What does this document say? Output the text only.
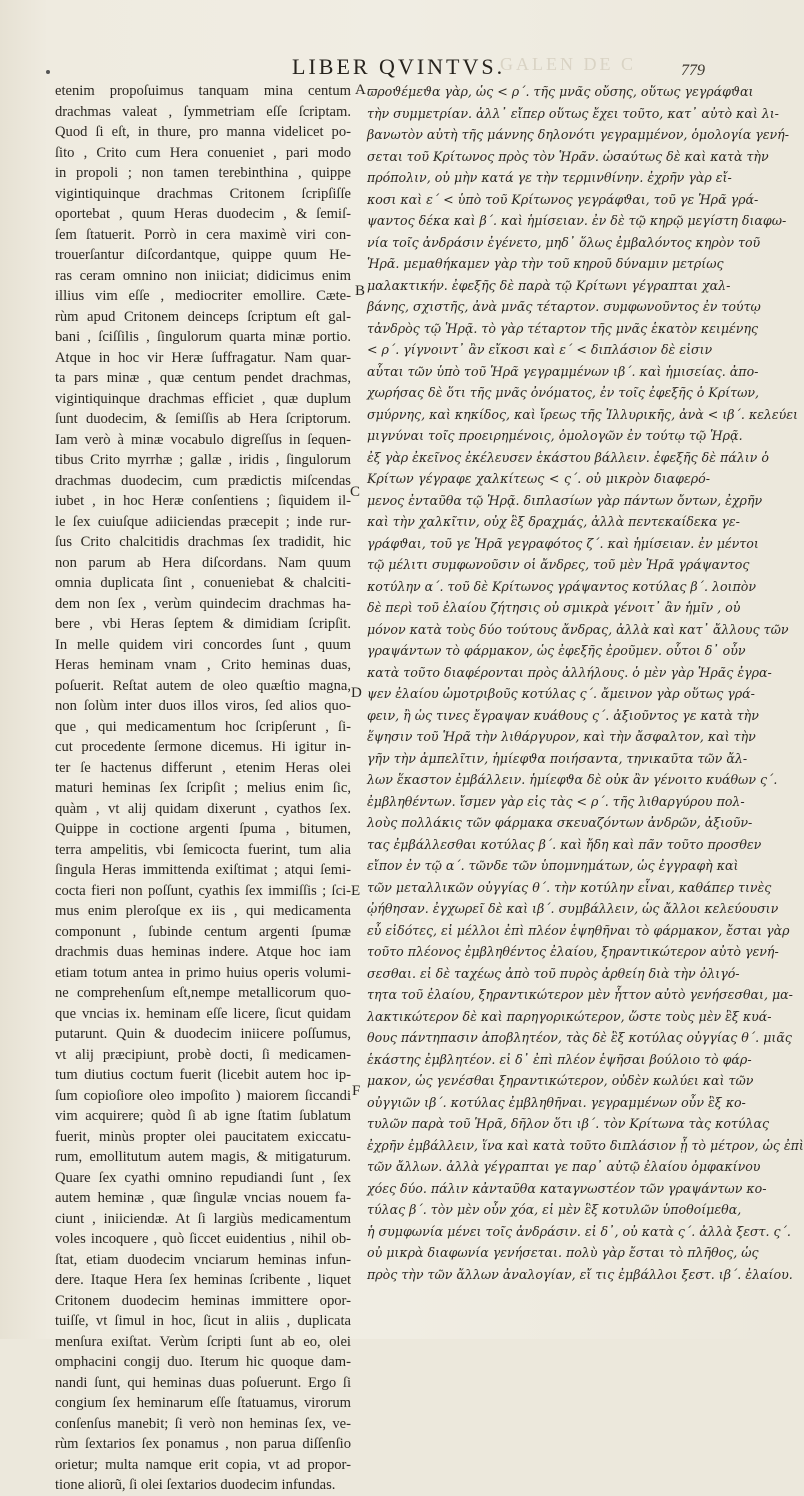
LIBER QVINTVS.
GALEN DE C	779
etenim propoſuimus tanquam mina centum
drachmas valeat , ſymmetriam eſſe ſcriptam.
Quod ſi eſt, in thure, pro manna videlicet po-
ſito , Crito cum Hera conueniet , pari modo
in propoli ; non tamen terebinthina , quippe
vigintiquinque drachmas Critonem ſcripſiſſe
oportebat , quum Heras duodecim , & ſemiſ-
ſem ſtatuerit. Porrò in cera maximè viri con-
trouerſantur diſcordantque, quippe quum He-
ras ceram omnino non iniiciat; didicimus enim
illius vim eſſe , mediocriter emollire. Cæte-
rùm apud Critonem deinceps ſcriptum eſt gal-
bani , ſciſſilis , ſingulorum quarta minæ portio.
Atque in hoc vir Heræ ſuffragatur. Nam quar-
ta pars minæ , quæ centum pendet drachmas,
vigintiquinque drachmas efficiet , quæ duplum
ſunt duodecim, & ſemiſſis ab Hera ſcriptorum.
Iam verò à minæ vocabulo digreſſus in ſequen-
tibus Crito myrrhæ ; gallæ , iridis , ſingulorum
drachmas duodecim, cum prædictis miſcendas
iubet , in hoc Heræ conſentiens ; ſiquidem il-
le ſex cuiuſque adiiciendas præcepit ; inde rur-
ſus Crito chalcitidis drachmas ſex tradidit, hic
non parum ab Hera diſcordans. Nam quum
omnia duplicata ſint , conueniebat & chalciti-
dem non ſex , verùm quindecim drachmas ha-
bere , vbi Heras ſeptem & dimidiam ſcripſit.
In melle quidem viri concordes ſunt , quum
Heras heminam vnam , Crito heminas duas,
poſuerit. Reſtat autem de oleo quæſtio magna,
non ſolùm inter duos illos viros, ſed alios quo-
que , qui medicamentum hoc ſcripſerunt , ſi-
cut procedente ſermone dicemus. Hi igitur in-
ter ſe hactenus differunt , etenim Heras olei
maturi heminas ſex ſcripſit ; melius enim ſic,
quàm , vt alij quidam dixerunt , cyathos ſex.
Quippe in coctione argenti ſpuma , bitumen,
terra ampelitis, vbi ſemicocta fuerint, tum alia
ſingula Heras immittenda exiſtimat ; atqui ſemi-
cocta fieri non poſſunt, cyathis ſex immiſſis ; ſci-
mus enim pleroſque ex iis , qui medicamenta
componunt , ſubinde centum argenti ſpumæ
drachmis duas heminas indere. Atque hoc iam
etiam totum antea in primo huius operis volumi-
ne comprehenſum eſt,nempe metallicorum quo-
que vncias ix. heminam eſſe licere, ſicut quidam
putarunt. Quin & duodecim iniicere poſſumus,
vt alij præcipiunt, probè docti, ſi medicamen-
tum diutius coctum fuerit (licebit autem hoc ip-
ſum copioſiore oleo impoſito ) maiorem ſiccandi
vim acquirere; quòd ſi ab igne ſtatim ſublatum
fuerit, minùs propter olei paucitatem exiccatu-
rum, emollitutum autem magis, & mitigaturum.
Quare ſex cyathi omnino repudiandi ſunt , ſex
autem heminæ , quæ ſingulæ vncias nouem fa-
ciunt , iniiciendæ. At ſi largiùs medicamentum
voles incoquere , quò ſiccet euidentius , nihil ob-
ſtat, etiam duodecim vnciarum heminas infun-
dere. Itaque Hera ſex heminas ſcribente , liquet
Critonem duodecim heminas immittere opor-
tuiſſe, vt ſimul in hoc, ſicut in aliis , duplicata
menſura exiſtat. Verùm ſcripti ſunt ab eo, olei
omphacini congij duo. Iterum hic quoque dam-
nandi ſunt, qui heminas duas poſuerunt. Ergo ſi
congium ſex heminarum eſſe ſtatuamus, virorum
conſenſus manebit; ſi verò non heminas ſex, ve-
rùm ſextarios ſex ponamus , non parua diſſenſio
orietur; multa namque erit copia, vt ad propor-
tione aliorũ, ſi olei ſextarios duodecim infundas.
ϖροϑέμεϑα γὰρ, ὡς < ρ΄. τῆς μνᾶς οὔσης, οὕτως γεγράφϑαι
τὴν συμμετρίαν. ἀλλ᾽ εἴπερ οὕτως ἔχει τοῦτο, κατ᾽ αὐτὸ καὶ λι-
βανωτὸν αὐτὴ τῆς μάννης δηλονότι γεγραμμένον, ὁμολογία γενή-
σεται τοῦ Κρίτωνος πρὸς τὸν Ἡρᾶν. ὡσαύτως δὲ καὶ κατὰ τὴν
πρόπολιν, οὐ μὴν κατά γε τὴν τερμινθίνην. ἐχρῆν γὰρ εἴ-
κοσι καὶ ε΄ < ὑπὸ τοῦ Κρίτωνος γεγράφϑαι, τοῦ γε Ἡρᾶ γρά-
ψαντος δέκα καὶ β΄. καὶ ἡμίσειαν. ἐν δὲ τῷ κηρῷ μεγίστη διαφω-
νία τοῖς ἀνδράσιν ἐγένετο, μηδ᾽ ὅλως ἐμβαλόντος κηρὸν τοῦ
Ἡρᾶ. μεμαθήκαμεν γὰρ τὴν τοῦ κηροῦ δύναμιν μετρίως
μαλακτικήν. ἐφεξῆς δὲ παρὰ τῷ Κρίτωνι γέγραπται χαλ-
βάνης, σχιστῆς, ἀνὰ μνᾶς τέταρτον. συμφωνοῦντος ἐν τούτῳ
τἀνδρὸς τῷ Ἡρᾷ. τὸ γὰρ τέταρτον τῆς μνᾶς ἑκατὸν κειμένης
< ρ΄. γίγνοιντ᾽ ἂν εἴκοσι καὶ ε΄ < διπλάσιον δὲ εἰσιν
αὗται τῶν ὑπὸ τοῦ Ἡρᾶ γεγραμμένων ιβ΄. καὶ ἡμισείας. ἀπο-
χωρήσας δὲ ὅτι τῆς μνᾶς ὀνόματος, ἐν τοῖς ἐφεξῆς ὁ Κρίτων,
σμύρνης, καὶ κηκίδος, καὶ ἴρεως τῆς Ἰλλυρικῆς, ἀνὰ < ιβ΄. κελεύει
μιγνύναι τοῖς προειρημένοις, ὁμολογῶν ἐν τούτῳ τῷ Ἡρᾷ.
ἐξ γὰρ ἐκεῖνος ἐκέλευσεν ἑκάστου βάλλειν. ἐφεξῆς δὲ πάλιν ὁ
Κρίτων γέγραφε χαλκίτεως < ς΄. οὐ μικρὸν διαφερό-
μενος ἐνταῦθα τῷ Ἡρᾷ. διπλασίων γὰρ πάντων ὄντων, ἐχρῆν
καὶ τὴν χαλκῖτιν, οὐχ ἓξ δραχμάς, ἀλλὰ πεντεκαίδεκα γε-
γράφϑαι, τοῦ γε Ἡρᾶ γεγραφότος ζ΄. καὶ ἡμίσειαν. ἐν μέντοι
τῷ μέλιτι συμφωνοῦσιν οἱ ἄνδρες, τοῦ μὲν Ἡρᾶ γράψαντος
κοτύλην α΄. τοῦ δὲ Κρίτωνος γράψαντος κοτύλας β΄. λοιπὸν
δὲ περὶ τοῦ ἐλαίου ζήτησις οὐ σμικρὰ γένοιτ᾽ ἂν ἡμῖν , οὐ
μόνον κατὰ τοὺς δύο τούτους ἄνδρας, ἀλλὰ καὶ κατ᾽ ἄλλους τῶν
γραψάντων τὸ φάρμακον, ὡς ἐφεξῆς ἐροῦμεν. οὗτοι δ᾽ οὖν
κατὰ τοῦτο διαφέρονται πρὸς ἀλλήλους. ὁ μὲν γὰρ Ἡρᾶς ἐγρα-
ψεν ἐλαίου ὠμοτριβοῦς κοτύλας ς΄. ἄμεινον γὰρ οὕτως γρά-
φειν, ἢ ὡς τινες ἔγραψαν κυάθους ς΄. ἀξιοῦντος γε κατὰ τὴν
ἕψησιν τοῦ Ἡρᾶ τὴν λιθάργυρον, καὶ τὴν ἄσφαλτον, καὶ τὴν
γῆν τὴν ἀμπελῖτιν, ἡμίεφϑα ποιήσαντα, τηνικαῦτα τῶν ἄλ-
λων ἕκαστον ἐμβάλλειν. ἡμίεφϑα δὲ οὐκ ἂν γένοιτο κυάθων ς΄.
ἐμβληθέντων. ἴσμεν γὰρ εἰς τὰς < ρ΄. τῆς λιθαργύρου πολ-
λοὺς πολλάκις τῶν φάρμακα σκευαζόντων ἀνδρῶν, ἀξιοῦν-
τας ἐμβάλλεσθαι κοτύλας β΄. καὶ ἤδη καὶ πᾶν τοῦτο προσθεν
εἴπον ἐν τῷ α΄. τῶνδε τῶν ὑπομνημάτων, ὡς ἐγγραφὴ καὶ
τῶν μεταλλικῶν οὐγγίας θ΄. τὴν κοτύλην εἶναι, καθάπερ τινὲς
ᾠήθησαν. ἐγχωρεῖ δὲ καὶ ιβ΄. συμβάλλειν, ὡς ἄλλοι κελεύουσιν
εὖ εἰδότες, εἰ μέλλοι ἐπὶ πλέον ἑψηθῆναι τὸ φάρμακον, ἔσται γὰρ
τοῦτο πλέονος ἐμβληθέντος ἐλαίου, ξηραντικώτερον αὐτὸ γενή-
σεσθαι. εἰ δὲ ταχέως ἀπὸ τοῦ πυρὸς ἀρθείη διὰ τὴν ὀλιγό-
τητα τοῦ ἐλαίου, ξηραντικώτερον μὲν ἧττον αὐτὸ γενήσεσθαι, μα-
λακτικώτερον δὲ καὶ παρηγορικώτερον, ὥστε τοὺς μὲν ἓξ κυά-
θους πάντηπασιν ἀποβλητέον, τὰς δὲ ἓξ κοτύλας οὐγγίας θ΄. μιᾶς
ἑκάστης ἐμβλητέον. εἰ δ᾽ ἐπὶ πλέον ἑψῆσαι βούλοιο τὸ φάρ-
μακον, ὡς γενέσθαι ξηραντικώτερον, οὐδὲν κωλύει καὶ τῶν
οὐγγιῶν ιβ΄. κοτύλας ἐμβληθῆναι. γεγραμμένων οὖν ἓξ κο-
τυλῶν παρὰ τοῦ Ἡρᾶ, δῆλον ὅτι ιβ΄. τὸν Κρίτωνα τὰς κοτύλας
ἐχρῆν ἐμβάλλειν, ἵνα καὶ κατὰ τοῦτο διπλάσιον ᾖ τὸ μέτρον, ὡς ἐπὶ
τῶν ἄλλων. ἀλλὰ γέγραπται γε παρ᾽ αὐτῷ ἐλαίου ὀμφακίνου
χόες δύο. πάλιν κἀνταῦθα καταγνωστέον τῶν γραψάντων κο-
τύλας β΄. τὸν μὲν οὖν χόα, εἰ μὲν ἓξ κοτυλῶν ὑποθοίμεθα,
ἡ συμφωνία μένει τοῖς ἀνδράσιν. εἰ δ᾽, οὐ κατὰ ς΄. ἀλλὰ ξεστ. ς΄.
οὐ μικρὰ διαφωνία γενήσεται. πολὺ γὰρ ἔσται τὸ πλῆθος, ὡς
πρὸς τὴν τῶν ἄλλων ἀναλογίαν, εἴ τις ἐμβάλλοι ξεστ. ιβ΄. ἐλαίου.
A
B
C
D
E
F
